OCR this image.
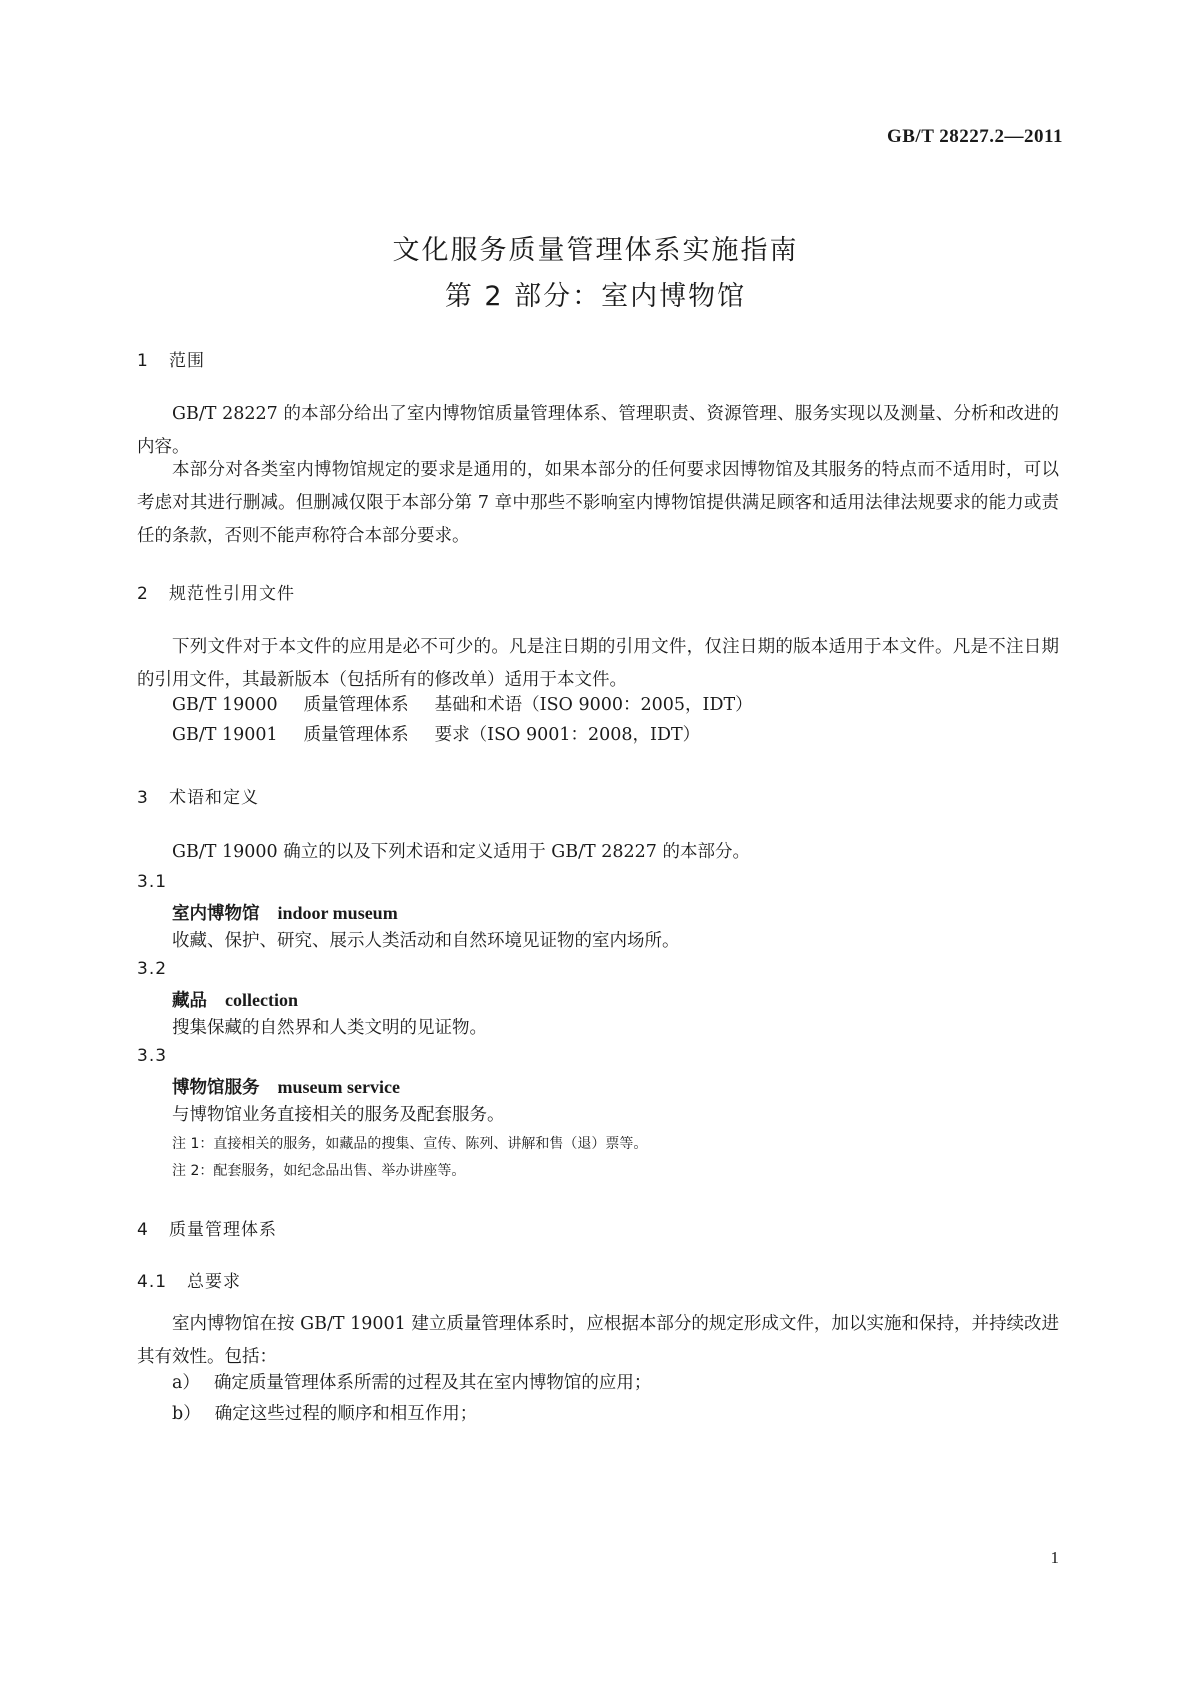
GB/T 28227.2—2011
文化服务质量管理体系实施指南
第 2 部分：室内博物馆
1 范围

GB/T 28227 的本部分给出了室内博物馆质量管理体系、管理职责、资源管理、服务实现以及测量、分析和改进的内容。

本部分对各类室内博物馆规定的要求是通用的，如果本部分的任何要求因博物馆及其服务的特点而不适用时，可以考虑对其进行删减。但删减仅限于本部分第 7 章中那些不影响室内博物馆提供满足顾客和适用法律法规要求的能力或责任的条款，否则不能声称符合本部分要求。

2 规范性引用文件

下列文件对于本文件的应用是必不可少的。凡是注日期的引用文件，仅注日期的版本适用于本文件。凡是不注日期的引用文件，其最新版本（包括所有的修改单）适用于本文件。

GB/T 19000 质量管理体系 基础和术语（ISO 9000：2005，IDT）

GB/T 19001 质量管理体系 要求（ISO 9001：2008，IDT）

3 术语和定义

GB/T 19000 确立的以及下列术语和定义适用于 GB/T 28227 的本部分。

3.1
室内博物馆 indoor museum

收藏、保护、研究、展示人类活动和自然环境见证物的室内场所。

3.2
藏品 collection

搜集保藏的自然界和人类文明的见证物。

3.3
博物馆服务 museum service

与博物馆业务直接相关的服务及配套服务。

注 1：直接相关的服务，如藏品的搜集、宣传、陈列、讲解和售（退）票等。

注 2：配套服务，如纪念品出售、举办讲座等。

4 质量管理体系
4.1 总要求

室内博物馆在按 GB/T 19001 建立质量管理体系时，应根据本部分的规定形成文件，加以实施和保持，并持续改进其有效性。包括：

a） 确定质量管理体系所需的过程及其在室内博物馆的应用；

b） 确定这些过程的顺序和相互作用；

1
